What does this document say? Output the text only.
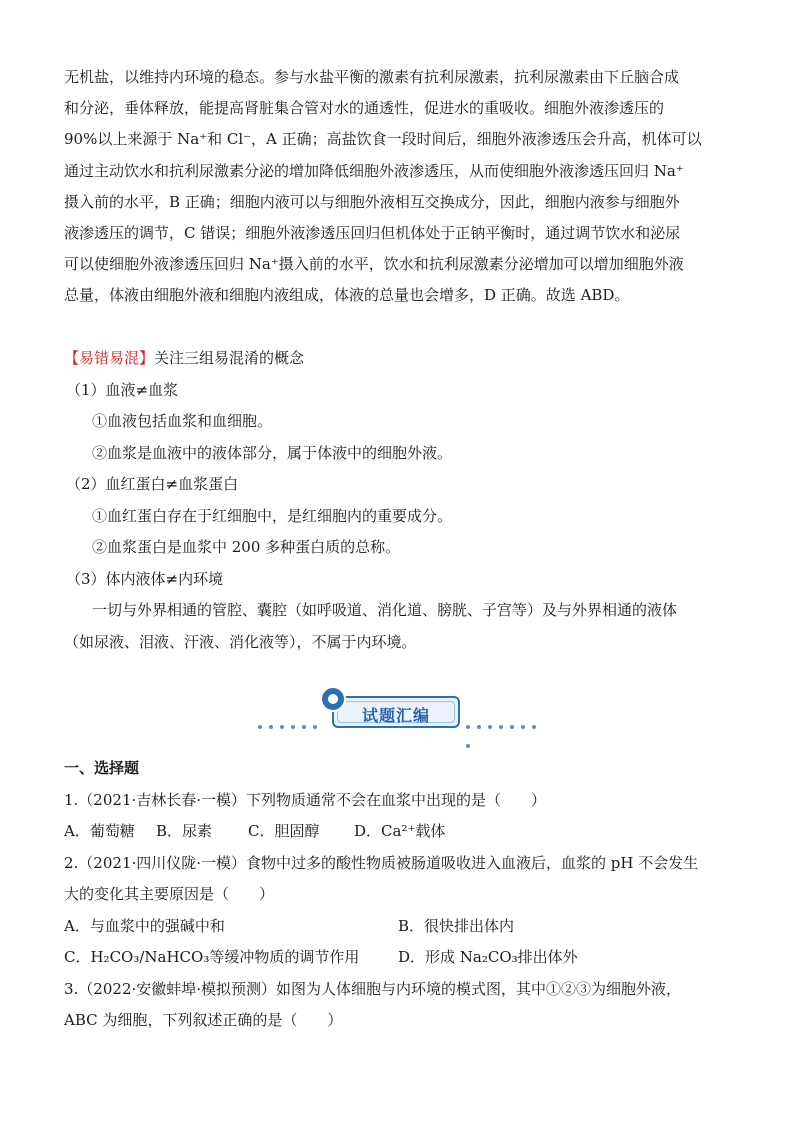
无机盐，以维持内环境的稳态。参与水盐平衡的激素有抗利尿激素，抗利尿激素由下丘脑合成
和分泌，垂体释放，能提高肾脏集合管对水的通透性，促进水的重吸收。细胞外液渗透压的
90%以上来源于 Na⁺和 Cl⁻，A 正确；高盐饮食一段时间后，细胞外液渗透压会升高，机体可以
通过主动饮水和抗利尿激素分泌的增加降低细胞外液渗透压，从而使细胞外液渗透压回归 Na⁺
摄入前的水平，B 正确；细胞内液可以与细胞外液相互交换成分，因此，细胞内液参与细胞外
液渗透压的调节，C 错误；细胞外液渗透压回归但机体处于正钠平衡时，通过调节饮水和泌尿
可以使细胞外液渗透压回归 Na⁺摄入前的水平，饮水和抗利尿激素分泌增加可以增加细胞外液
总量，体液由细胞外液和细胞内液组成，体液的总量也会增多，D 正确。故选 ABD。

【易错易混】关注三组易混淆的概念
（1）血液≠血浆
①血液包括血浆和血细胞。
②血浆是血液中的液体部分，属于体液中的细胞外液。
（2）血红蛋白≠血浆蛋白
①血红蛋白存在于红细胞中，是红细胞内的重要成分。
②血浆蛋白是血浆中 200 多种蛋白质的总称。
（3）体内液体≠内环境
一切与外界相通的管腔、囊腔（如呼吸道、消化道、膀胱、子宫等）及与外界相通的液体
（如尿液、泪液、汗液、消化液等），不属于内环境。
试题汇编
一、选择题
1.（2021·吉林长春·一模）下列物质通常不会在血浆中出现的是（　　）
A．葡萄糖 B．尿素 C．胆固醇 D．Ca²⁺载体
2.（2021·四川仪陇·一模）食物中过多的酸性物质被肠道吸收进入血液后，血浆的 pH 不会发生
大的变化其主要原因是（　　）
A．与血浆中的强碱中和	B．很快排出体内
C．H₂CO₃/NaHCO₃等缓冲物质的调节作用	D．形成 Na₂CO₃排出体外
3.（2022·安徽蚌埠·模拟预测）如图为人体细胞与内环境的模式图，其中①②③为细胞外液，
ABC 为细胞，下列叙述正确的是（　　）
